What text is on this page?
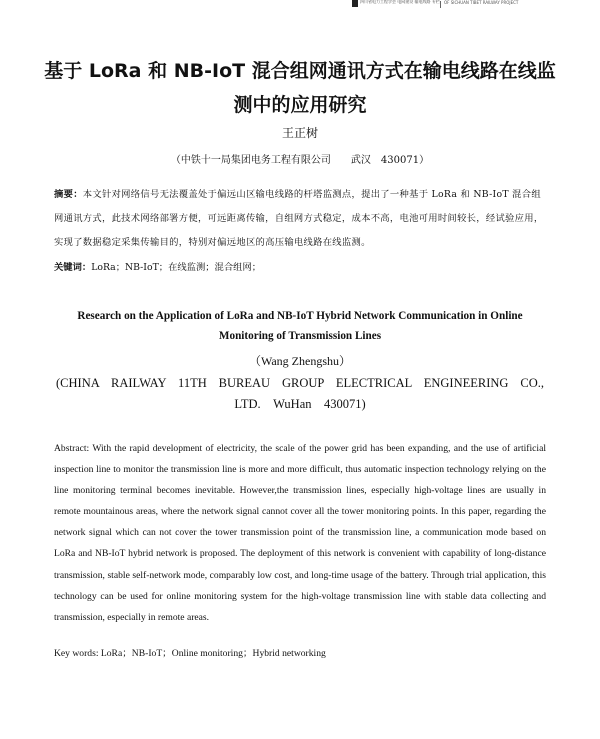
四川省电力工程学会 电网建设 输电线路 专栏 OF SICHUAN TIBET RAILWAY PROJECT
基于 LoRa 和 NB-IoT 混合组网通讯方式在输电线路在线监
测中的应用研究
王正树
（中铁十一局集团电务工程有限公司　　武汉　430071）
摘要：本文针对网络信号无法覆盖处于偏远山区输电线路的杆塔监测点，提出了一种基于 LoRa 和 NB-IoT 混合组网通讯方式，此技术网络部署方便，可远距离传输，自组网方式稳定，成本不高，电池可用时间较长，经试验应用，实现了数据稳定采集传输目的，特别对偏远地区的高压输电线路在线监测。
关键词：LoRa；NB-IoT；在线监测；混合组网；
Research on the Application of LoRa and NB-IoT Hybrid Network Communication in Online
Monitoring of Transmission Lines
（Wang Zhengshu）
(CHINA RAILWAY 11TH BUREAU GROUP ELECTRICAL ENGINEERING CO.,
LTD.　WuHan　430071)
Abstract: With the rapid development of electricity, the scale of the power grid has been expanding, and the use of artificial inspection line to monitor the transmission line is more and more difficult, thus automatic inspection technology relying on the line monitoring terminal becomes inevitable. However,the transmission lines, especially high-voltage lines are usually in remote mountainous areas, where the network signal cannot cover all the tower monitoring points. In this paper, regarding the network signal which can not cover the tower transmission point of the transmission line, a communication mode based on LoRa and NB-IoT hybrid network is proposed. The deployment of this network is convenient with capability of long-distance transmission, stable self-network mode, comparably low cost, and long-time usage of the battery. Through trial application, this technology can be used for online monitoring system for the high-voltage transmission line with stable data collecting and transmission, especially in remote areas.
Key words: LoRa；NB-IoT；Online monitoring；Hybrid networking
